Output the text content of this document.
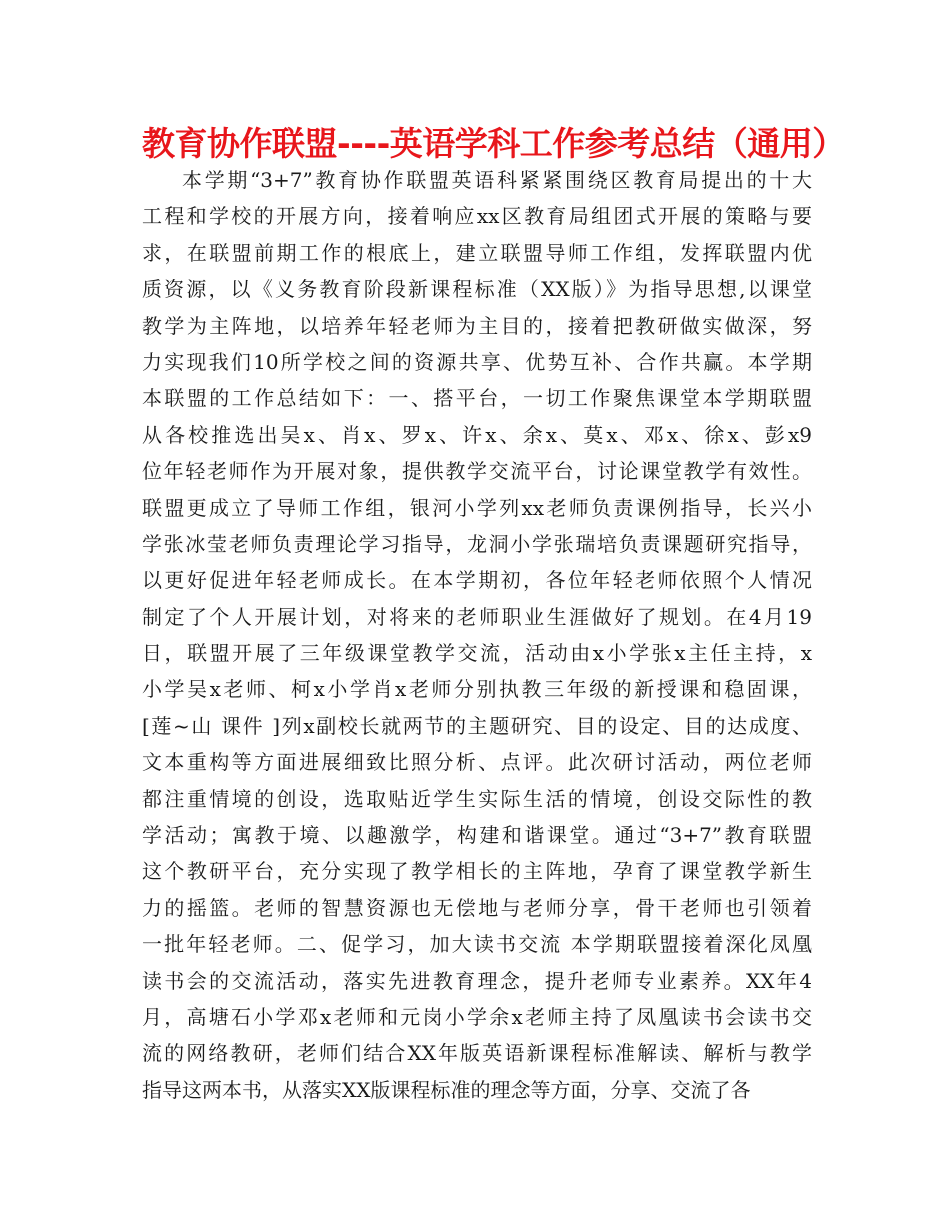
教育协作联盟----英语学科工作参考总结（通用）
本学期“3+7”教育协作联盟英语科紧紧围绕区教育局提出的十大
工程和学校的开展方向，接着响应xx区教育局组团式开展的策略与要
求，在联盟前期工作的根底上，建立联盟导师工作组，发挥联盟内优
质资源，以《义务教育阶段新课程标准（XX版）》为指导思想,以课堂
教学为主阵地，以培养年轻老师为主目的，接着把教研做实做深，努
力实现我们10所学校之间的资源共享、优势互补、合作共赢。本学期
本联盟的工作总结如下：一、搭平台，一切工作聚焦课堂本学期联盟
从各校推选出吴x、肖x、罗x、许x、余x、莫x、邓x、徐x、彭x9
位年轻老师作为开展对象，提供教学交流平台，讨论课堂教学有效性。
联盟更成立了导师工作组，银河小学列xx老师负责课例指导，长兴小
学张冰莹老师负责理论学习指导，龙洞小学张瑞培负责课题研究指导，
以更好促进年轻老师成长。在本学期初，各位年轻老师依照个人情况
制定了个人开展计划，对将来的老师职业生涯做好了规划。在4月19
日，联盟开展了三年级课堂教学交流，活动由x小学张x主任主持，x
小学吴x老师、柯x小学肖x老师分别执教三年级的新授课和稳固课，
[莲~山 课件 ]列x副校长就两节的主题研究、目的设定、目的达成度、
文本重构等方面进展细致比照分析、点评。此次研讨活动，两位老师
都注重情境的创设，选取贴近学生实际生活的情境，创设交际性的教
学活动；寓教于境、以趣激学，构建和谐课堂。通过“3+7”教育联盟
这个教研平台，充分实现了教学相长的主阵地，孕育了课堂教学新生
力的摇篮。老师的智慧资源也无偿地与老师分享，骨干老师也引领着
一批年轻老师。二、促学习，加大读书交流 本学期联盟接着深化凤凰
读书会的交流活动，落实先进教育理念，提升老师专业素养。XX年4
月，高塘石小学邓x老师和元岗小学余x老师主持了凤凰读书会读书交
流的网络教研，老师们结合XX年版英语新课程标准解读、解析与教学
指导这两本书，从落实XX版课程标准的理念等方面，分享、交流了各
